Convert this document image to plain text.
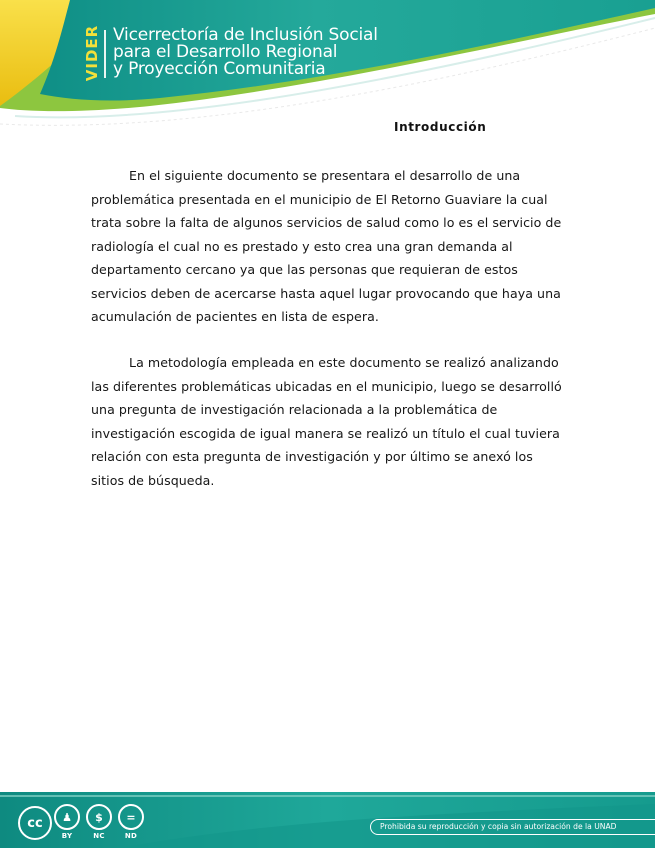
VIDER Vicerrectoría de Inclusión Social
para el Desarrollo Regional
y Proyección Comunitaria
Introducción

En el siguiente documento se presentara el desarrollo de una problemática presentada en el municipio de El Retorno Guaviare la cual trata sobre la falta de algunos servicios de salud como lo es el servicio de radiología el cual no es prestado y esto crea una gran demanda al departamento cercano ya que las personas que requieran de estos servicios deben de acercarse hasta aquel lugar provocando que haya una acumulación de pacientes en lista de espera.

La metodología empleada en este documento se realizó analizando las diferentes problemáticas ubicadas en el municipio, luego se desarrolló una pregunta de investigación relacionada a la problemática de investigación escogida de igual manera se realizó un título el cual tuviera relación con esta pregunta de investigación y por último se anexó los sitios de búsqueda.

cc	♟
BY
$
NC
=
ND
Prohibida su reproducción y copia sin autorización de la UNAD
